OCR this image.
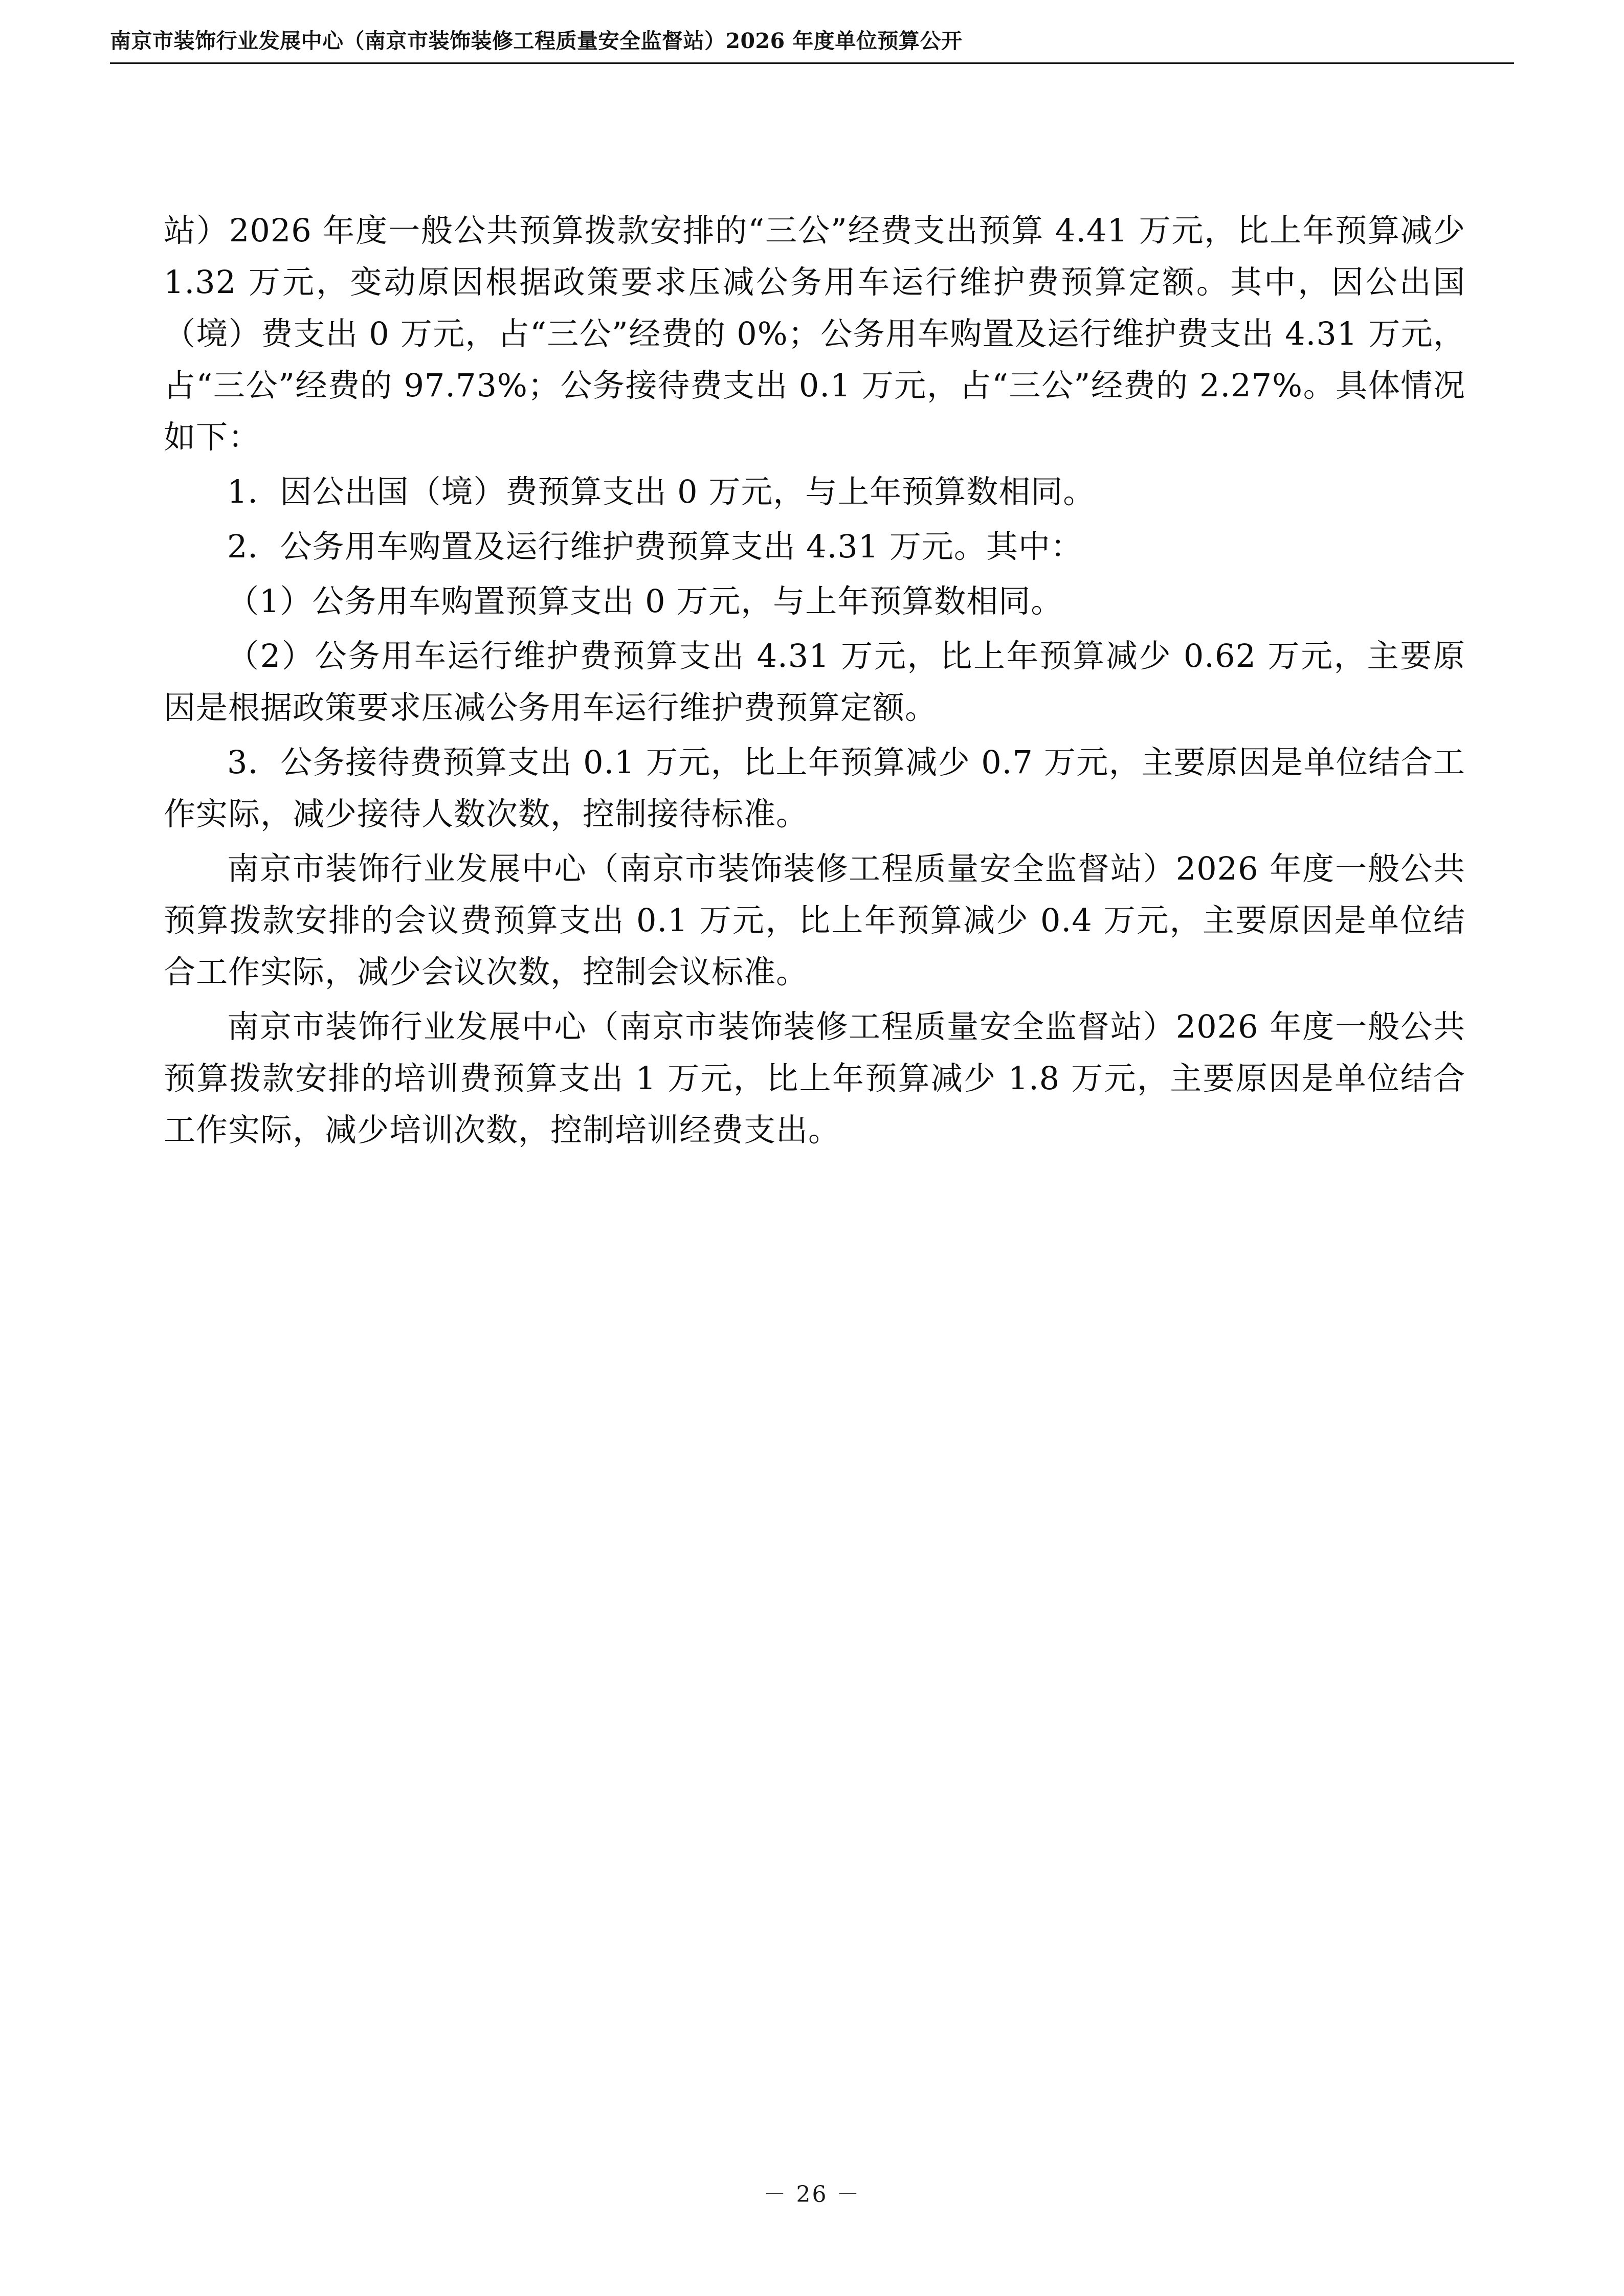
南京市装饰行业发展中心（南京市装饰装修工程质量安全监督站）2026 年度单位预算公开

站）2026 年度一般公共预算拨款安排的“三公”经费支出预算 4.41 万元，比上年预算减少 1.32 万元，变动原因根据政策要求压减公务用车运行维护费预算定额。其中，因公出国（境）费支出 0 万元，占“三公”经费的 0%；公务用车购置及运行维护费支出 4.31 万元，占“三公”经费的 97.73%；公务接待费支出 0.1 万元，占“三公”经费的 2.27%。具体情况如下：

1．因公出国（境）费预算支出 0 万元，与上年预算数相同。

2．公务用车购置及运行维护费预算支出 4.31 万元。其中：

（1）公务用车购置预算支出 0 万元，与上年预算数相同。

（2）公务用车运行维护费预算支出 4.31 万元，比上年预算减少 0.62 万元，主要原因是根据政策要求压减公务用车运行维护费预算定额。

3．公务接待费预算支出 0.1 万元，比上年预算减少 0.7 万元，主要原因是单位结合工作实际，减少接待人数次数，控制接待标准。

南京市装饰行业发展中心（南京市装饰装修工程质量安全监督站）2026 年度一般公共预算拨款安排的会议费预算支出 0.1 万元，比上年预算减少 0.4 万元，主要原因是单位结合工作实际，减少会议次数，控制会议标准。

南京市装饰行业发展中心（南京市装饰装修工程质量安全监督站）2026 年度一般公共预算拨款安排的培训费预算支出 1 万元，比上年预算减少 1.8 万元，主要原因是单位结合工作实际，减少培训次数，控制培训经费支出。

－ 26 －
